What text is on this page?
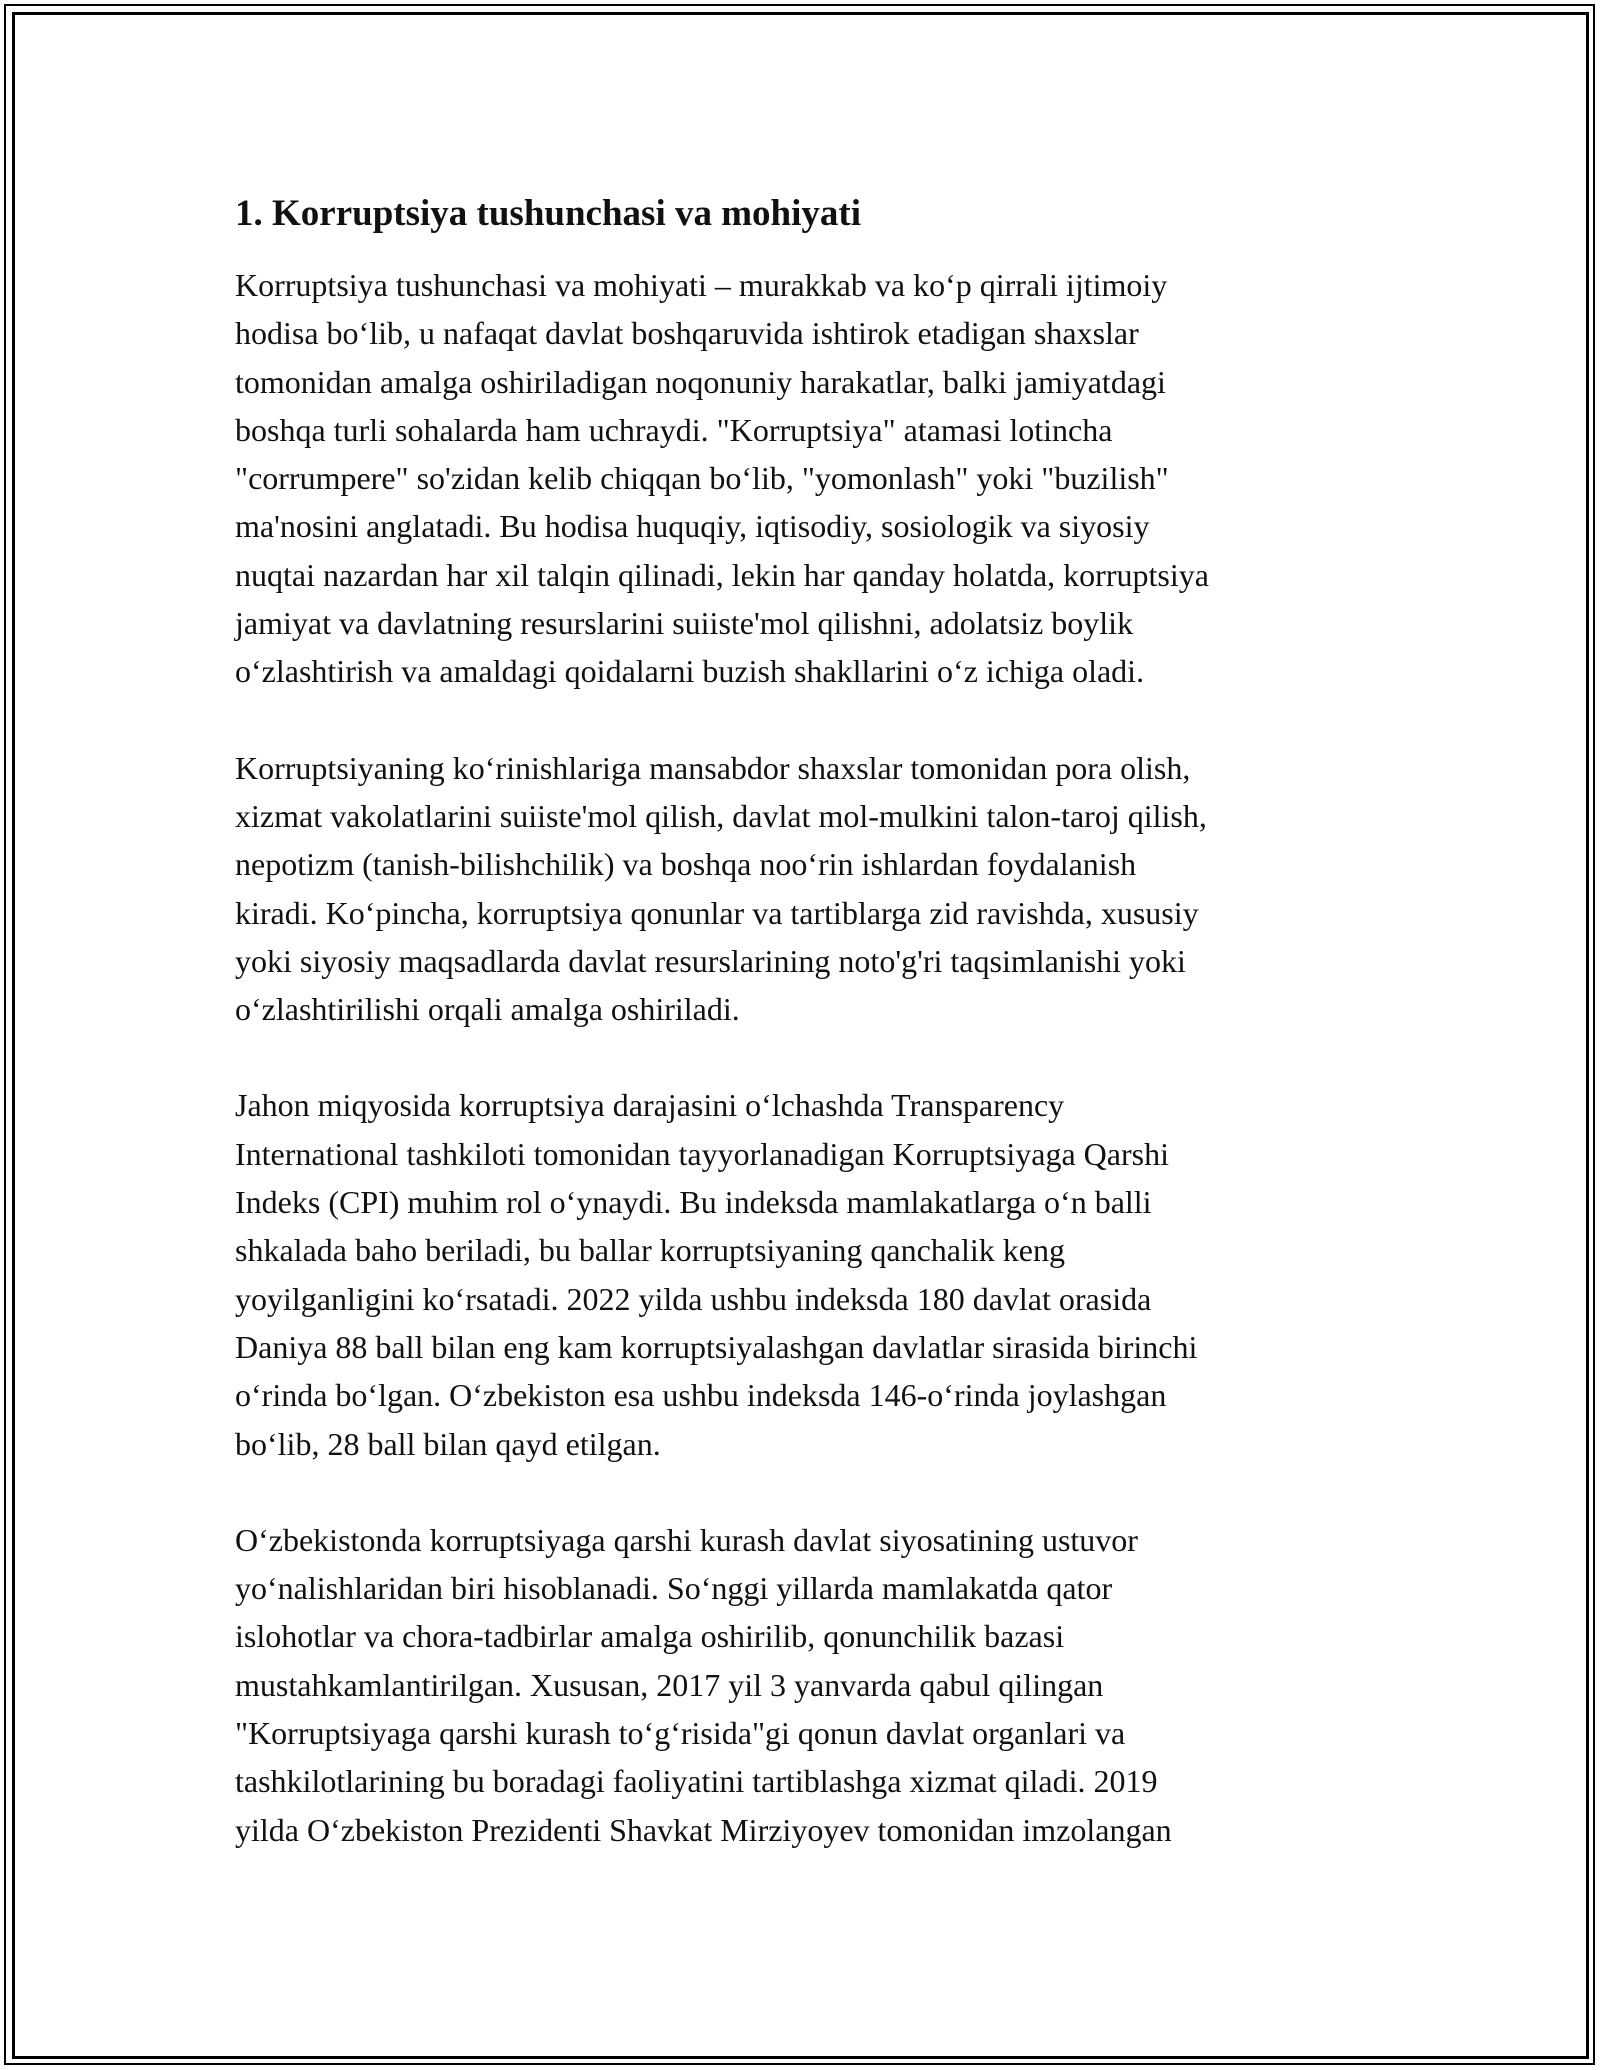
1. Korruptsiya tushunchasi va mohiyati

Korruptsiya tushunchasi va mohiyati – murakkab va koʻp qirrali ijtimoiy
hodisa boʻlib, u nafaqat davlat boshqaruvida ishtirok etadigan shaxslar
tomonidan amalga oshiriladigan noqonuniy harakatlar, balki jamiyatdagi
boshqa turli sohalarda ham uchraydi. "Korruptsiya" atamasi lotincha
"corrumpere" so'zidan kelib chiqqan boʻlib, "yomonlash" yoki "buzilish"
ma'nosini anglatadi. Bu hodisa huquqiy, iqtisodiy, sosiologik va siyosiy
nuqtai nazardan har xil talqin qilinadi, lekin har qanday holatda, korruptsiya
jamiyat va davlatning resurslarini suiiste'mol qilishni, adolatsiz boylik
oʻzlashtirish va amaldagi qoidalarni buzish shakllarini oʻz ichiga oladi.

Korruptsiyaning koʻrinishlariga mansabdor shaxslar tomonidan pora olish,
xizmat vakolatlarini suiiste'mol qilish, davlat mol-mulkini talon-taroj qilish,
nepotizm (tanish-bilishchilik) va boshqa nooʻrin ishlardan foydalanish
kiradi. Koʻpincha, korruptsiya qonunlar va tartiblarga zid ravishda, xususiy
yoki siyosiy maqsadlarda davlat resurslarining noto'g'ri taqsimlanishi yoki
oʻzlashtirilishi orqali amalga oshiriladi.

Jahon miqyosida korruptsiya darajasini oʻlchashda Transparency
International tashkiloti tomonidan tayyorlanadigan Korruptsiyaga Qarshi
Indeks (CPI) muhim rol oʻynaydi. Bu indeksda mamlakatlarga oʻn balli
shkalada baho beriladi, bu ballar korruptsiyaning qanchalik keng
yoyilganligini koʻrsatadi. 2022 yilda ushbu indeksda 180 davlat orasida
Daniya 88 ball bilan eng kam korruptsiyalashgan davlatlar sirasida birinchi
oʻrinda boʻlgan. Oʻzbekiston esa ushbu indeksda 146-oʻrinda joylashgan
boʻlib, 28 ball bilan qayd etilgan.

Oʻzbekistonda korruptsiyaga qarshi kurash davlat siyosatining ustuvor
yoʻnalishlaridan biri hisoblanadi. Soʻnggi yillarda mamlakatda qator
islohotlar va chora-tadbirlar amalga oshirilib, qonunchilik bazasi
mustahkamlantirilgan. Xususan, 2017 yil 3 yanvarda qabul qilingan
"Korruptsiyaga qarshi kurash toʻgʻrisida"gi qonun davlat organlari va
tashkilotlarining bu boradagi faoliyatini tartiblashga xizmat qiladi. 2019
yilda Oʻzbekiston Prezidenti Shavkat Mirziyoyev tomonidan imzolangan
